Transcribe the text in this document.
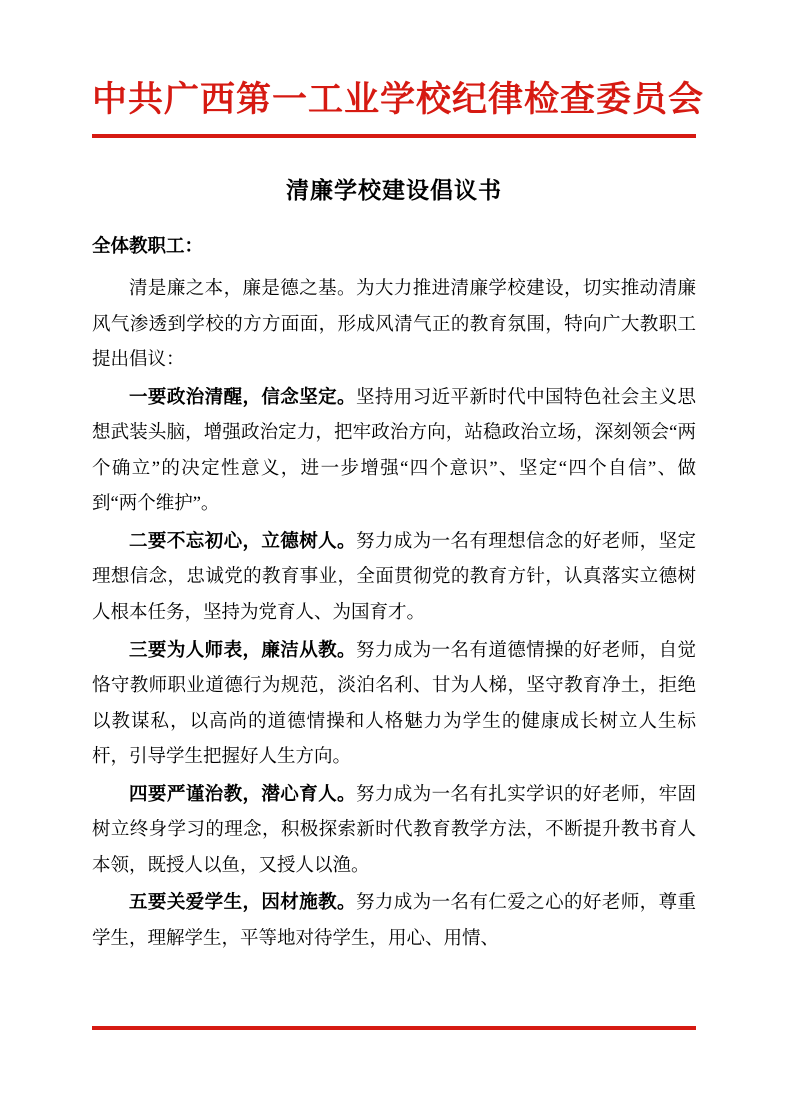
中共广西第一工业学校纪律检查委员会
清廉学校建设倡议书
全体教职工：

清是廉之本，廉是德之基。为大力推进清廉学校建设，切实推动清廉风气渗透到学校的方方面面，形成风清气正的教育氛围，特向广大教职工提出倡议：

一要政治清醒，信念坚定。坚持用习近平新时代中国特色社会主义思想武装头脑，增强政治定力，把牢政治方向，站稳政治立场，深刻领会“两个确立”的决定性意义，进一步增强“四个意识”、坚定“四个自信”、做到“两个维护”。

二要不忘初心，立德树人。努力成为一名有理想信念的好老师，坚定理想信念，忠诚党的教育事业，全面贯彻党的教育方针，认真落实立德树人根本任务，坚持为党育人、为国育才。

三要为人师表，廉洁从教。努力成为一名有道德情操的好老师，自觉恪守教师职业道德行为规范，淡泊名利、甘为人梯，坚守教育净土，拒绝以教谋私，以高尚的道德情操和人格魅力为学生的健康成长树立人生标杆，引导学生把握好人生方向。

四要严谨治教，潜心育人。努力成为一名有扎实学识的好老师，牢固树立终身学习的理念，积极探索新时代教育教学方法，不断提升教书育人本领，既授人以鱼，又授人以渔。

五要关爱学生，因材施教。努力成为一名有仁爱之心的好老师，尊重学生，理解学生，平等地对待学生，用心、用情、
